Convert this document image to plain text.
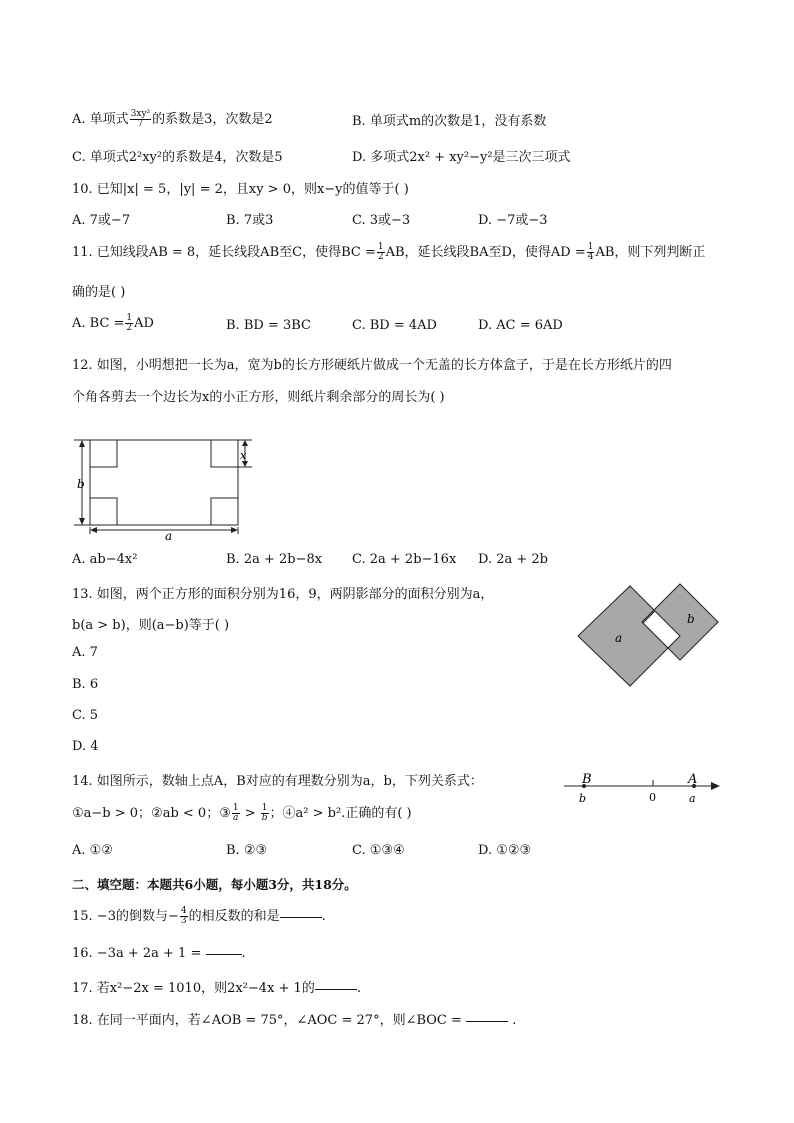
A. 单项式 $\frac{\text{3xy²}}{7}$ 的系数是3，次数是2	B. 单项式m的次数是1，没有系数
C. 单项式2²xy²的系数是4，次数是5	D. 多项式2x² + xy²−y²是三次三项式
10. 已知|x| = 5，|y| = 2，且xy > 0，则x−y的值等于( )
A. 7或−7	B. 7或3	C. 3或−3	D. −7或−3
11. 已知线段AB = 8，延长线段AB至C，使得BC = $\frac{1}{2}$ AB，延长线段BA至D，使得AD = $\frac{1}{4}$ AB，则下列判断正
确的是( )
A. BC = $\frac{1}{2}$ AD	B. BD = 3BC	C. BD = 4AD	D. AC = 6AD
12. 如图，小明想把一长为a，宽为b的长方形硬纸片做成一个无盖的长方体盒子，于是在长方形纸片的四
个角各剪去一个边长为x的小正方形，则纸片剩余部分的周长为( )
b
a
x
A. ab−4x²	B. 2a + 2b−8x C. 2a + 2b−16x D. 2a + 2b
13. 如图，两个正方形的面积分别为16，9，两阴影部分的面积分别为a，
b(a > b)，则(a−b)等于( )
a
b
A. 7
B. 6
C. 5
D. 4
14. 如图所示，数轴上点A，B对应的有理数分别为a，b，下列关系式：
①a−b > 0；②ab < 0；③ $\frac{1}{a} > \frac{1}{b}$ ；④a² > b².正确的有( )
B	A
b	0	a
A. ①②	B. ②③	C. ①③④	D. ①②③
二、填空题：本题共6小题，每小题3分，共18分。
15. −3的倒数与− $\frac{4}{3}$ 的相反数的和是	.
16. −3a + 2a + 1 =	.
17. 若x²−2x = 1010，则2x²−4x + 1的	.
18. 在同一平面内，若∠AOB = 75°，∠AOC = 27°，则∠BOC =	.
